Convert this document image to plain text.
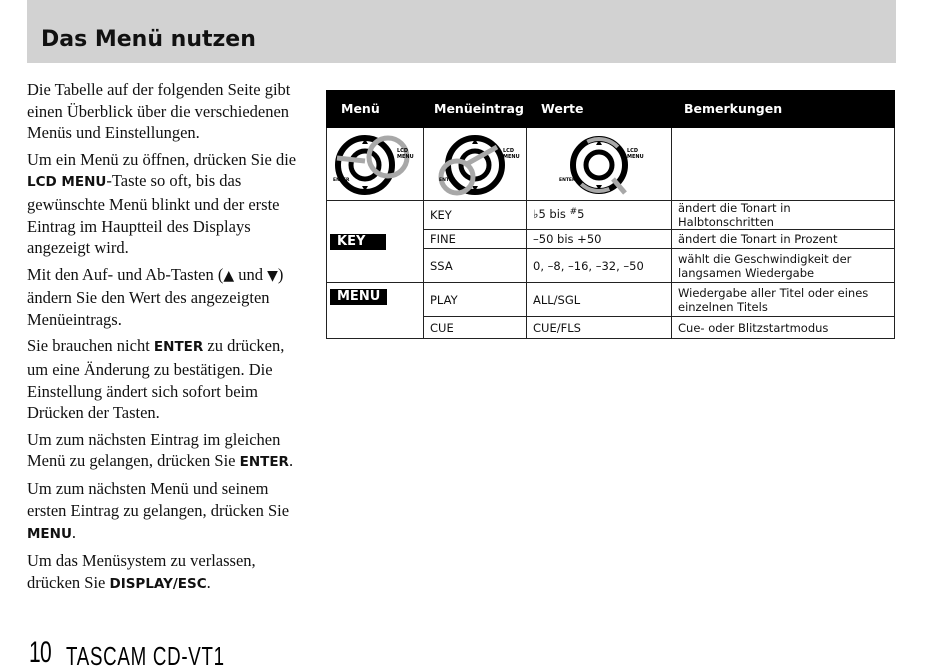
Das Menü nutzen

Die Tabelle auf der folgenden Seite gibt einen Überblick über die verschiedenen Menüs und Einstellungen.

Um ein Menü zu öffnen, drücken Sie die LCD MENU-Taste so oft, bis das gewünschte Menü blinkt und der erste Eintrag im Hauptteil des Displays angezeigt wird.

Mit den Auf- und Ab-Tasten (▲ und ▼) ändern Sie den Wert des angezeigten Menüeintrags.

Sie brauchen nicht ENTER zu drücken, um eine Änderung zu bestätigen. Die Einstellung ändert sich sofort beim Drücken der Tasten.

Um zum nächsten Eintrag im gleichen Menü zu gelangen, drücken Sie ENTER.

Um zum nächsten Menü und seinem ersten Eintrag zu gelangen, drücken Sie MENU.

Um das Menüsystem zu verlassen, drücken Sie DISPLAY/ESC.

Menü	Menüeintrag	Werte	Bemerkungen

LCD
MENU
ENTER	LCD
MENU
ENTER	LCD
MENU
ENTER	

KEY	KEY	♭5 bis #5	ändert die Tonart in Halbtonschritten
	FINE	–50 bis +50	ändert die Tonart in Prozent
	SSA	0, –8, –16, –32, –50	wählt die Geschwindigkeit der langsamen Wiedergabe
MENU	PLAY	ALL/SGL	Wiedergabe aller Titel oder eines einzelnen Titels
	CUE	CUE/FLS	Cue- oder Blitzstartmodus
10 TASCAM CD-VT1
